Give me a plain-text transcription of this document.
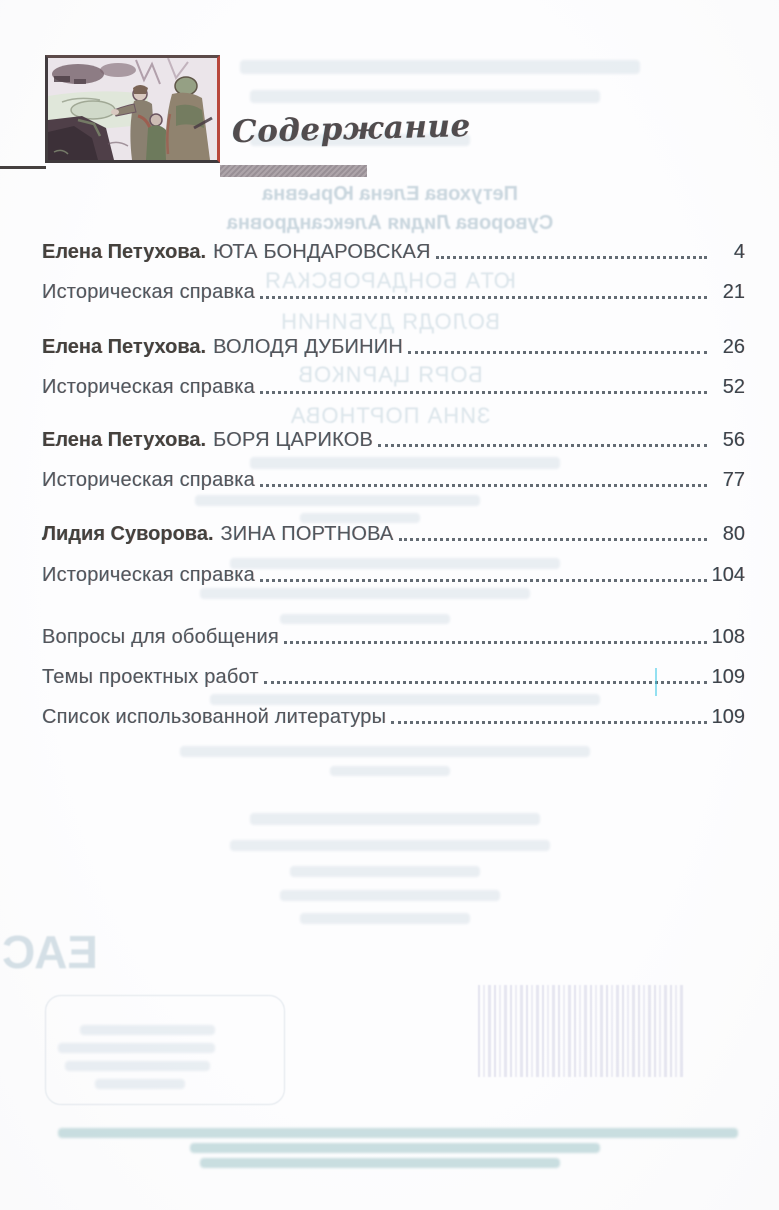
Петухова Елена Юрьевна
Суворова Лидия Александровна
ЮТА БОНДАРОВСКАЯ
ВОЛОДЯ ДУБИНИН
БОРЯ ЦАРИКОВ
ЗИНА ПОРТНОВА
ЕАС
Содержание
Елена Петухова. ЮТА БОНДАРОВСКАЯ	4
Историческая справка	21
Елена Петухова. ВОЛОДЯ ДУБИНИН	26
Историческая справка	52
Елена Петухова. БОРЯ ЦАРИКОВ	56
Историческая справка	77
Лидия Суворова. ЗИНА ПОРТНОВА	80
Историческая справка	104
Вопросы для обобщения	108
Темы проектных работ	109
Список использованной литературы	109
